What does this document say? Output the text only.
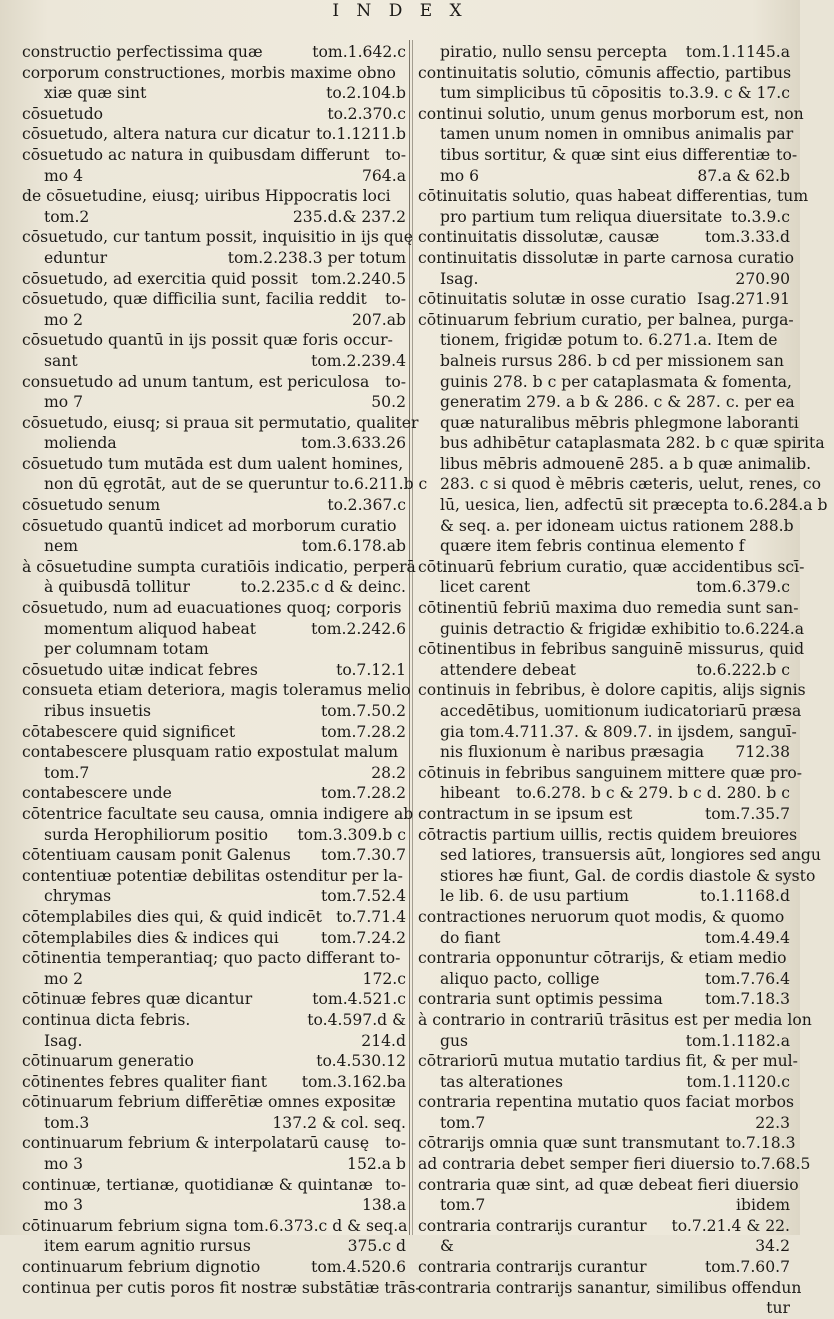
I N D E X
constructio perfectissima quæ	tom.1.642.c
corporum constructiones, morbis maxime obno
xiæ quæ sint	to.2.104.b
cōsuetudo	to.2.370.c
cōsuetudo, altera natura cur dicatur to.1.1211.b
cōsuetudo ac natura in quibusdam differunt to-
mo 4	764.a
de cōsuetudine, eiusq; uiribus Hippocratis loci
tom.2	235.d.& 237.2
cōsuetudo, cur tantum possit, inquisitio in ijs quę
eduntur	tom.2.238.3 per totum
cōsuetudo, ad exercitia quid possit tom.2.240.5
cōsuetudo, quæ difficilia sunt, facilia reddit	to-
mo 2	207.ab
cōsuetudo quantū in ijs possit quæ foris occur-
sant	tom.2.239.4
consuetudo ad unum tantum, est periculosa	to-
mo 7	50.2
cōsuetudo, eiusq; si praua sit permutatio, qualiter
molienda	tom.3.633.26
cōsuetudo tum mutāda est dum ualent homines,
non dū ęgrotāt, aut de se queruntur to.6.211.b c
cōsuetudo senum	to.2.367.c
cōsuetudo quantū indicet ad morborum curatio
nem	tom.6.178.ab
à cōsuetudine sumpta curatiōis indicatio, perperā
à quibusdā tollitur	to.2.235.c d & deinc.
cōsuetudo, num ad euacuationes quoq; corporis
momentum aliquod habeat	tom.2.242.6
per columnam totam
cōsuetudo uitæ indicat febres	to.7.12.1
consueta etiam deteriora, magis toleramus melio
ribus insuetis	tom.7.50.2
cōtabescere quid significet	tom.7.28.2
contabescere plusquam ratio expostulat malum
tom.7	28.2
contabescere unde	tom.7.28.2
cōtentrice facultate seu causa, omnia indigere ab
surda Herophiliorum positio	tom.3.309.b c
cōtentiuam causam ponit Galenus	tom.7.30.7
contentiuæ potentiæ debilitas ostenditur per la-
chrymas	tom.7.52.4
cōtemplabiles dies qui, & quid indicēt to.7.71.4
cōtemplabiles dies & indices qui	tom.7.24.2
cōtinentia temperantiaq; quo pacto differant to-
mo 2	172.c
cōtinuæ febres quæ dicantur	tom.4.521.c
continua dicta febris.	to.4.597.d &
Isag.	214.d
cōtinuarum generatio	to.4.530.12
cōtinentes febres qualiter fiant	tom.3.162.ba
cōtinuarum febrium differētiæ omnes expositæ
tom.3	137.2 & col. seq.
continuarum febrium & interpolatarū causę	to-
mo 3	152.a b
continuæ, tertianæ, quotidianæ & quintanæ to-
mo 3	138.a
cōtinuarum febrium signa tom.6.373.c d & seq.a
item earum agnitio rursus	375.c d
continuarum febrium dignotio	tom.4.520.6
continua per cutis poros fit nostræ substātiæ trās-
piratio, nullo sensu percepta	tom.1.1145.a
continuitatis solutio, cōmunis affectio, partibus
tum simplicibus tū cōpositis to.3.9. c & 17.c
continui solutio, unum genus morborum est, non
tamen unum nomen in omnibus animalis par
tibus sortitur, & quæ sint eius differentiæ to-
mo 6	87.a & 62.b
cōtinuitatis solutio, quas habeat differentias, tum
pro partium tum reliqua diuersitate to.3.9.c
continuitatis dissolutæ, causæ	tom.3.33.d
continuitatis dissolutæ in parte carnosa curatio
Isag.	270.90
cōtinuitatis solutæ in osse curatio Isag.271.91
cōtinuarum febrium curatio, per balnea, purga-
tionem, frigidæ potum to. 6.271.a. Item de
balneis rursus 286. b cd per missionem san
guinis 278. b c per cataplasmata & fomenta,
generatim 279. a b & 286. c & 287. c. per ea
quæ naturalibus mēbris phlegmone laboranti
bus adhibētur cataplasmata 282. b c quæ spirita
libus mēbris admouenē 285. a b quæ animalib.
283. c si quod è mēbris cæteris, uelut, renes, co
lū, uesica, lien, adfectū sit præcepta to.6.284.a b
& seq. a. per idoneam uictus rationem 288.b
quære item febris continua elemento f
cōtinuarū febrium curatio, quæ accidentibus scī-
licet carent	tom.6.379.c
cōtinentiū febriū maxima duo remedia sunt san-
guinis detractio & frigidæ exhibitio to.6.224.a
cōtinentibus in febribus sanguinē missurus, quid
attendere debeat	to.6.222.b c
continuis in febribus, è dolore capitis, alijs signis
accedētibus, uomitionum iudicatoriarū præsa
gia tom.4.711.37. & 809.7. in ijsdem, sanguī-
nis fluxionum è naribus præsagia	712.38
cōtinuis in febribus sanguinem mittere quæ pro-
hibeant	to.6.278. b c & 279. b c d. 280. b c
contractum in se ipsum est	tom.7.35.7
cōtractis partium uillis, rectis quidem breuiores
sed latiores, transuersis aūt, longiores sed angu
stiores hæ fiunt, Gal. de cordis diastole & systo
le lib. 6. de usu partium	to.1.1168.d
contractiones neruorum quot modis, & quomo
do fiant	tom.4.49.4
contraria opponuntur cōtrarijs, & etiam medio
aliquo pacto, collige	tom.7.76.4
contraria sunt optimis pessima	tom.7.18.3
à contrario in contrariū trāsitus est per media lon
gus	tom.1.1182.a
cōtrariorū mutua mutatio tardius fit, & per mul-
tas alterationes	tom.1.1120.c
contraria repentina mutatio quos faciat morbos
tom.7	22.3
cōtrarijs omnia quæ sunt transmutant to.7.18.3
ad contraria debet semper fieri diuersio to.7.68.5
contraria quæ sint, ad quæ debeat fieri diuersio
tom.7	ibidem
contraria contrarijs curantur	to.7.21.4 & 22.
&	34.2
contraria contrarijs curantur	tom.7.60.7
contraria contrarijs sanantur, similibus offendun
tur
